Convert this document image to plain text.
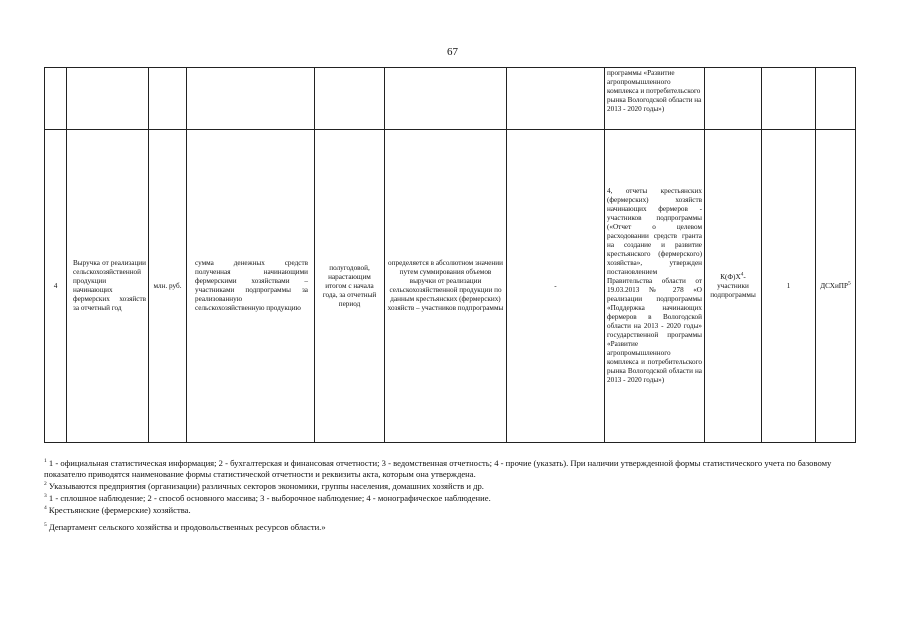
67
							программы «Развитие агропромышленного комплекса и потребительского рынка Вологодской области на 2013 - 2020 годы»)			
4	Выручка от реализации сельскохозяйственной продукции начинающих фермерских хозяйств за отчетный год	млн. руб.	сумма денежных средств полученная начинающими фермерскими хозяйствами – участниками подпрограммы за реализованную сельскохозяйственную продукцию	полугодовой, нарастающим итогом с начала года, за отчетный период	определяется в абсолютном значении путем суммирования объемов выручки от реализации сельскохозяйственной продукции по данным крестьянских (фермерских) хозяйств – участников подпрограммы	-	4, отчеты крестьянских (фермерских) хозяйств начинающих фермеров - участников подпрограммы («Отчет о целевом расходовании средств гранта на создание и развитие крестьянского (фермерского) хозяйства», утвержден постановлением Правительства области от 19.03.2013 № 278 «О реализации подпрограммы «Поддержка начинающих фермеров в Вологодской области на 2013 - 2020 годы» государственной программы «Развитие агропромышленного комплекса и потребительского рынка Вологодской области на 2013 - 2020 годы»)	$К(Ф)Х^4-$ участники подпрограммы	1	ДСХиПР$^5$
$^1$ 1 - официальная статистическая информация; 2 - бухгалтерская и финансовая отчетности; 3 - ведомственная отчетность; 4 - прочие (указать). При наличии утвержденной формы статистического учета по базовому показателю приводятся наименование формы статистической отчетности и реквизиты акта, которым она утверждена.
$^2$ Указываются предприятия (организации) различных секторов экономики, группы населения, домашних хозяйств и др.
$^3$ 1 - сплошное наблюдение; 2 - способ основного массива; 3 - выборочное наблюдение; 4 - монографическое наблюдение.
$^4$ Крестьянские (фермерские) хозяйства.
$^5$ Департамент сельского хозяйства и продовольственных ресурсов области.»
